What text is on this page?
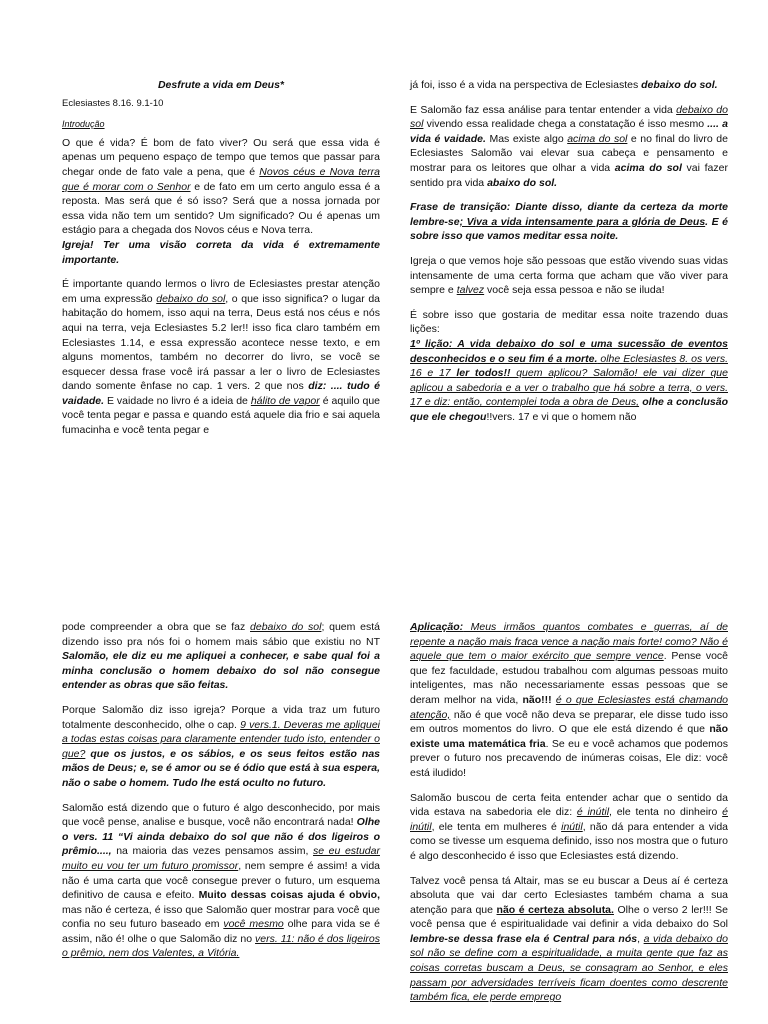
Desfrute a vida em Deus*
Eclesiastes 8.16. 9.1-10
Introdução

O que é vida? É bom de fato viver? Ou será que essa vida é apenas um pequeno espaço de tempo que temos que passar para chegar onde de fato vale a pena, que é Novos céus e Nova terra que é morar com o Senhor e de fato em um certo angulo essa é a reposta. Mas será que é só isso? Será que a nossa jornada por essa vida não tem um sentido? Um significado? Ou é apenas um estágio para a chegada dos Novos céus e Nova terra.

Igreja! Ter uma visão correta da vida é extremamente importante.

É importante quando lermos o livro de Eclesiastes prestar atenção em uma expressão debaixo do sol, o que isso significa? o lugar da habitação do homem, isso aqui na terra, Deus está nos céus e nós aqui na terra, veja Eclesiastes 5.2 ler!! isso fica claro também em Eclesiastes 1.14, e essa expressão acontece nesse texto, e em alguns momentos, também no decorrer do livro, se você se esquecer dessa frase você irá passar a ler o livro de Eclesiastes dando somente ênfase no cap. 1 vers. 2 que nos diz: .... tudo é vaidade. E vaidade no livro é a ideia de hálito de vapor é aquilo que você tenta pegar e passa e quando está aquele dia frio e sai aquela fumacinha e você tenta pegar e

já foi, isso é a vida na perspectiva de Eclesiastes debaixo do sol.

E Salomão faz essa análise para tentar entender a vida debaixo do sol vivendo essa realidade chega a constatação é isso mesmo .... a vida é vaidade. Mas existe algo acima do sol e no final do livro de Eclesiastes Salomão vai elevar sua cabeça e pensamento e mostrar para os leitores que olhar a vida acima do sol vai fazer sentido pra vida abaixo do sol.

Frase de transição: Diante disso, diante da certeza da morte lembre-se; Viva a vida intensamente para a glória de Deus. E é sobre isso que vamos meditar essa noite.

Igreja o que vemos hoje são pessoas que estão vivendo suas vidas intensamente de uma certa forma que acham que vão viver para sempre e talvez você seja essa pessoa e não se iluda!

É sobre isso que gostaria de meditar essa noite trazendo duas lições:

1º lição: A vida debaixo do sol e uma sucessão de eventos desconhecidos e o seu fim é a morte. olhe Eclesiastes 8. os vers. 16 e 17 ler todos!! quem aplicou? Salomão! ele vai dizer que aplicou a sabedoria e a ver o trabalho que há sobre a terra, o vers. 17 e diz: então, contemplei toda a obra de Deus, olhe a conclusão que ele chegou!!vers. 17 e vi que o homem não

pode compreender a obra que se faz debaixo do sol; quem está dizendo isso pra nós foi o homem mais sábio que existiu no NT Salomão, ele diz eu me apliquei a conhecer, e sabe qual foi a minha conclusão o homem debaixo do sol não consegue entender as obras que são feitas.

Porque Salomão diz isso igreja? Porque a vida traz um futuro totalmente desconhecido, olhe o cap. 9 vers.1. Deveras me apliquei a todas estas coisas para claramente entender tudo isto, entender o que? que os justos, e os sábios, e os seus feitos estão nas mãos de Deus; e, se é amor ou se é ódio que está à sua espera, não o sabe o homem. Tudo lhe está oculto no futuro.

Salomão está dizendo que o futuro é algo desconhecido, por mais que você pense, analise e busque, você não encontrará nada! Olhe o vers. 11 “Vi ainda debaixo do sol que não é dos ligeiros o prêmio...., na maioria das vezes pensamos assim, se eu estudar muito eu vou ter um futuro promissor, nem sempre é assim! a vida não é uma carta que você consegue prever o futuro, um esquema definitivo de causa e efeito. Muito dessas coisas ajuda é obvio, mas não é certeza, é isso que Salomão quer mostrar para você que confia no seu futuro baseado em você mesmo olhe para vida se é assim, não é! olhe o que Salomão diz no vers. 11: não é dos ligeiros o prêmio, nem dos Valentes, a Vitória.

Aplicação: Meus irmãos quantos combates e guerras, aí de repente a nação mais fraca vence a nação mais forte! como? Não é aquele que tem o maior exército que sempre vence. Pense você que fez faculdade, estudou trabalhou com algumas pessoas muito inteligentes, mas não necessariamente essas pessoas que se deram melhor na vida, não!!! é o que Eclesiastes está chamando atenção, não é que você não deva se preparar, ele disse tudo isso em outros momentos do livro. O que ele está dizendo é que não existe uma matemática fria. Se eu e você achamos que podemos prever o futuro nos precavendo de inúmeras coisas, Ele diz: você está iludido!

Salomão buscou de certa feita entender achar que o sentido da vida estava na sabedoria ele diz: é inútil, ele tenta no dinheiro é inútil, ele tenta em mulheres é inútil, não dá para entender a vida como se tivesse um esquema definido, isso nos mostra que o futuro é algo desconhecido é isso que Eclesiastes está dizendo.

Talvez você pensa tá Altair, mas se eu buscar a Deus aí é certeza absoluta que vai dar certo Eclesiastes também chama a sua atenção para que não é certeza absoluta. Olhe o verso 2 ler!!! Se você pensa que é espiritualidade vai definir a vida debaixo do Sol lembre-se dessa frase ela é Central para nós, a vida debaixo do sol não se define com a espiritualidade, a muita gente que faz as coisas corretas buscam a Deus, se consagram ao Senhor, e eles passam por adversidades terríveis ficam doentes como descrente também fica, ele perde emprego
